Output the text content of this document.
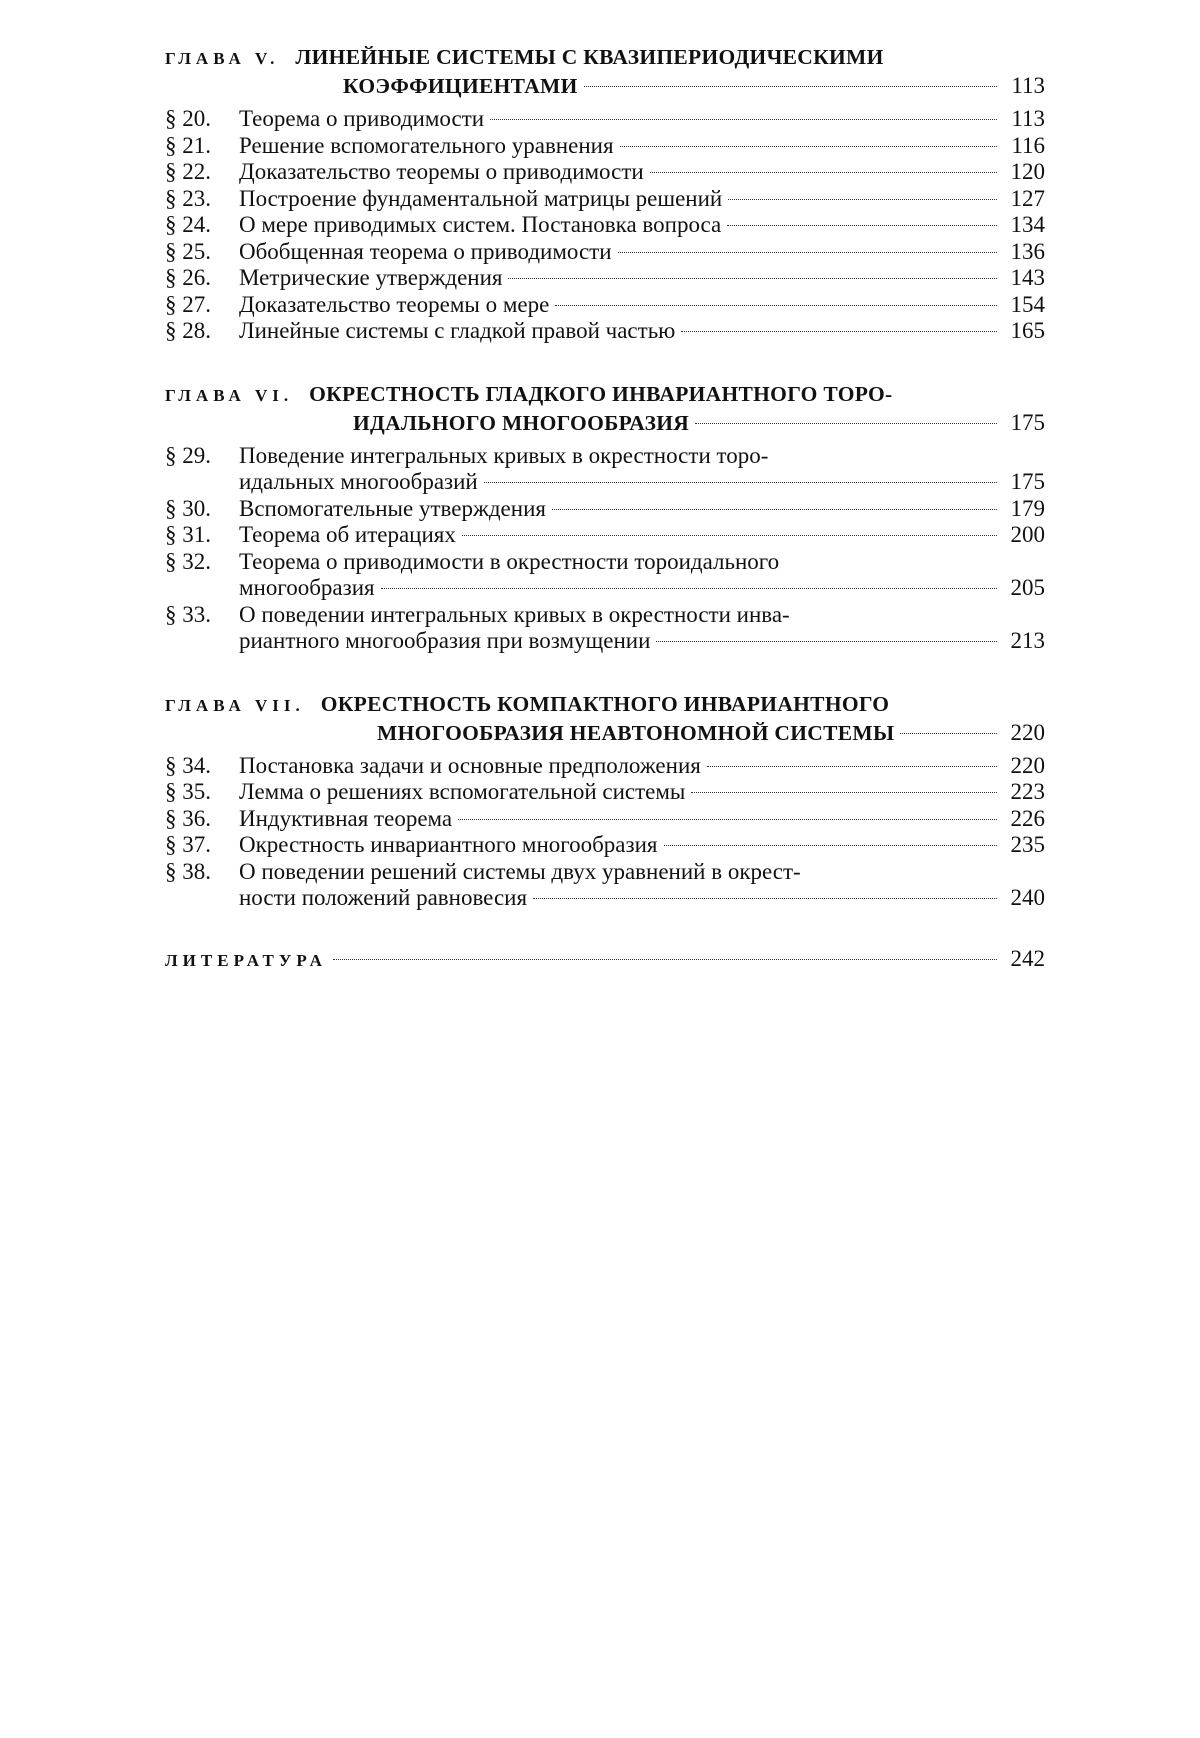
ГЛАВА V. ЛИНЕЙНЫЕ СИСТЕМЫ С КВАЗИПЕРИОДИЧЕСКИМИ
КОЭФФИЦИЕНТАМИ	113
§ 20.	Теорема о приводимости	113
§ 21.	Решение вспомогательного уравнения	116
§ 22.	Доказательство теоремы о приводимости	120
§ 23.	Построение фундаментальной матрицы решений	127
§ 24.	О мере приводимых систем. Постановка вопроса	134
§ 25.	Обобщенная теорема о приводимости	136
§ 26.	Метрические утверждения	143
§ 27.	Доказательство теоремы о мере	154
§ 28.	Линейные системы с гладкой правой частью	165
ГЛАВА VI. ОКРЕСТНОСТЬ ГЛАДКОГО ИНВАРИАНТНОГО ТОРО-
ИДАЛЬНОГО МНОГООБРАЗИЯ	175
§ 29.	Поведение интегральных кривых в окрестности торо-
идальных многообразий	175
§ 30.	Вспомогательные утверждения	179
§ 31.	Теорема об итерациях	200
§ 32.	Теорема о приводимости в окрестности тороидального
многообразия	205
§ 33.	О поведении интегральных кривых в окрестности инва-
риантного многообразия при возмущении	213
ГЛАВА VII. ОКРЕСТНОСТЬ КОМПАКТНОГО ИНВАРИАНТНОГО
МНОГООБРАЗИЯ НЕАВТОНОМНОЙ СИСТЕМЫ	220
§ 34.	Постановка задачи и основные предположения	220
§ 35.	Лемма о решениях вспомогательной системы	223
§ 36.	Индуктивная теорема	226
§ 37.	Окрестность инвариантного многообразия	235
§ 38.	О поведении решений системы двух уравнений в окрест-
ности положений равновесия	240
ЛИТЕРАТУРА	242
